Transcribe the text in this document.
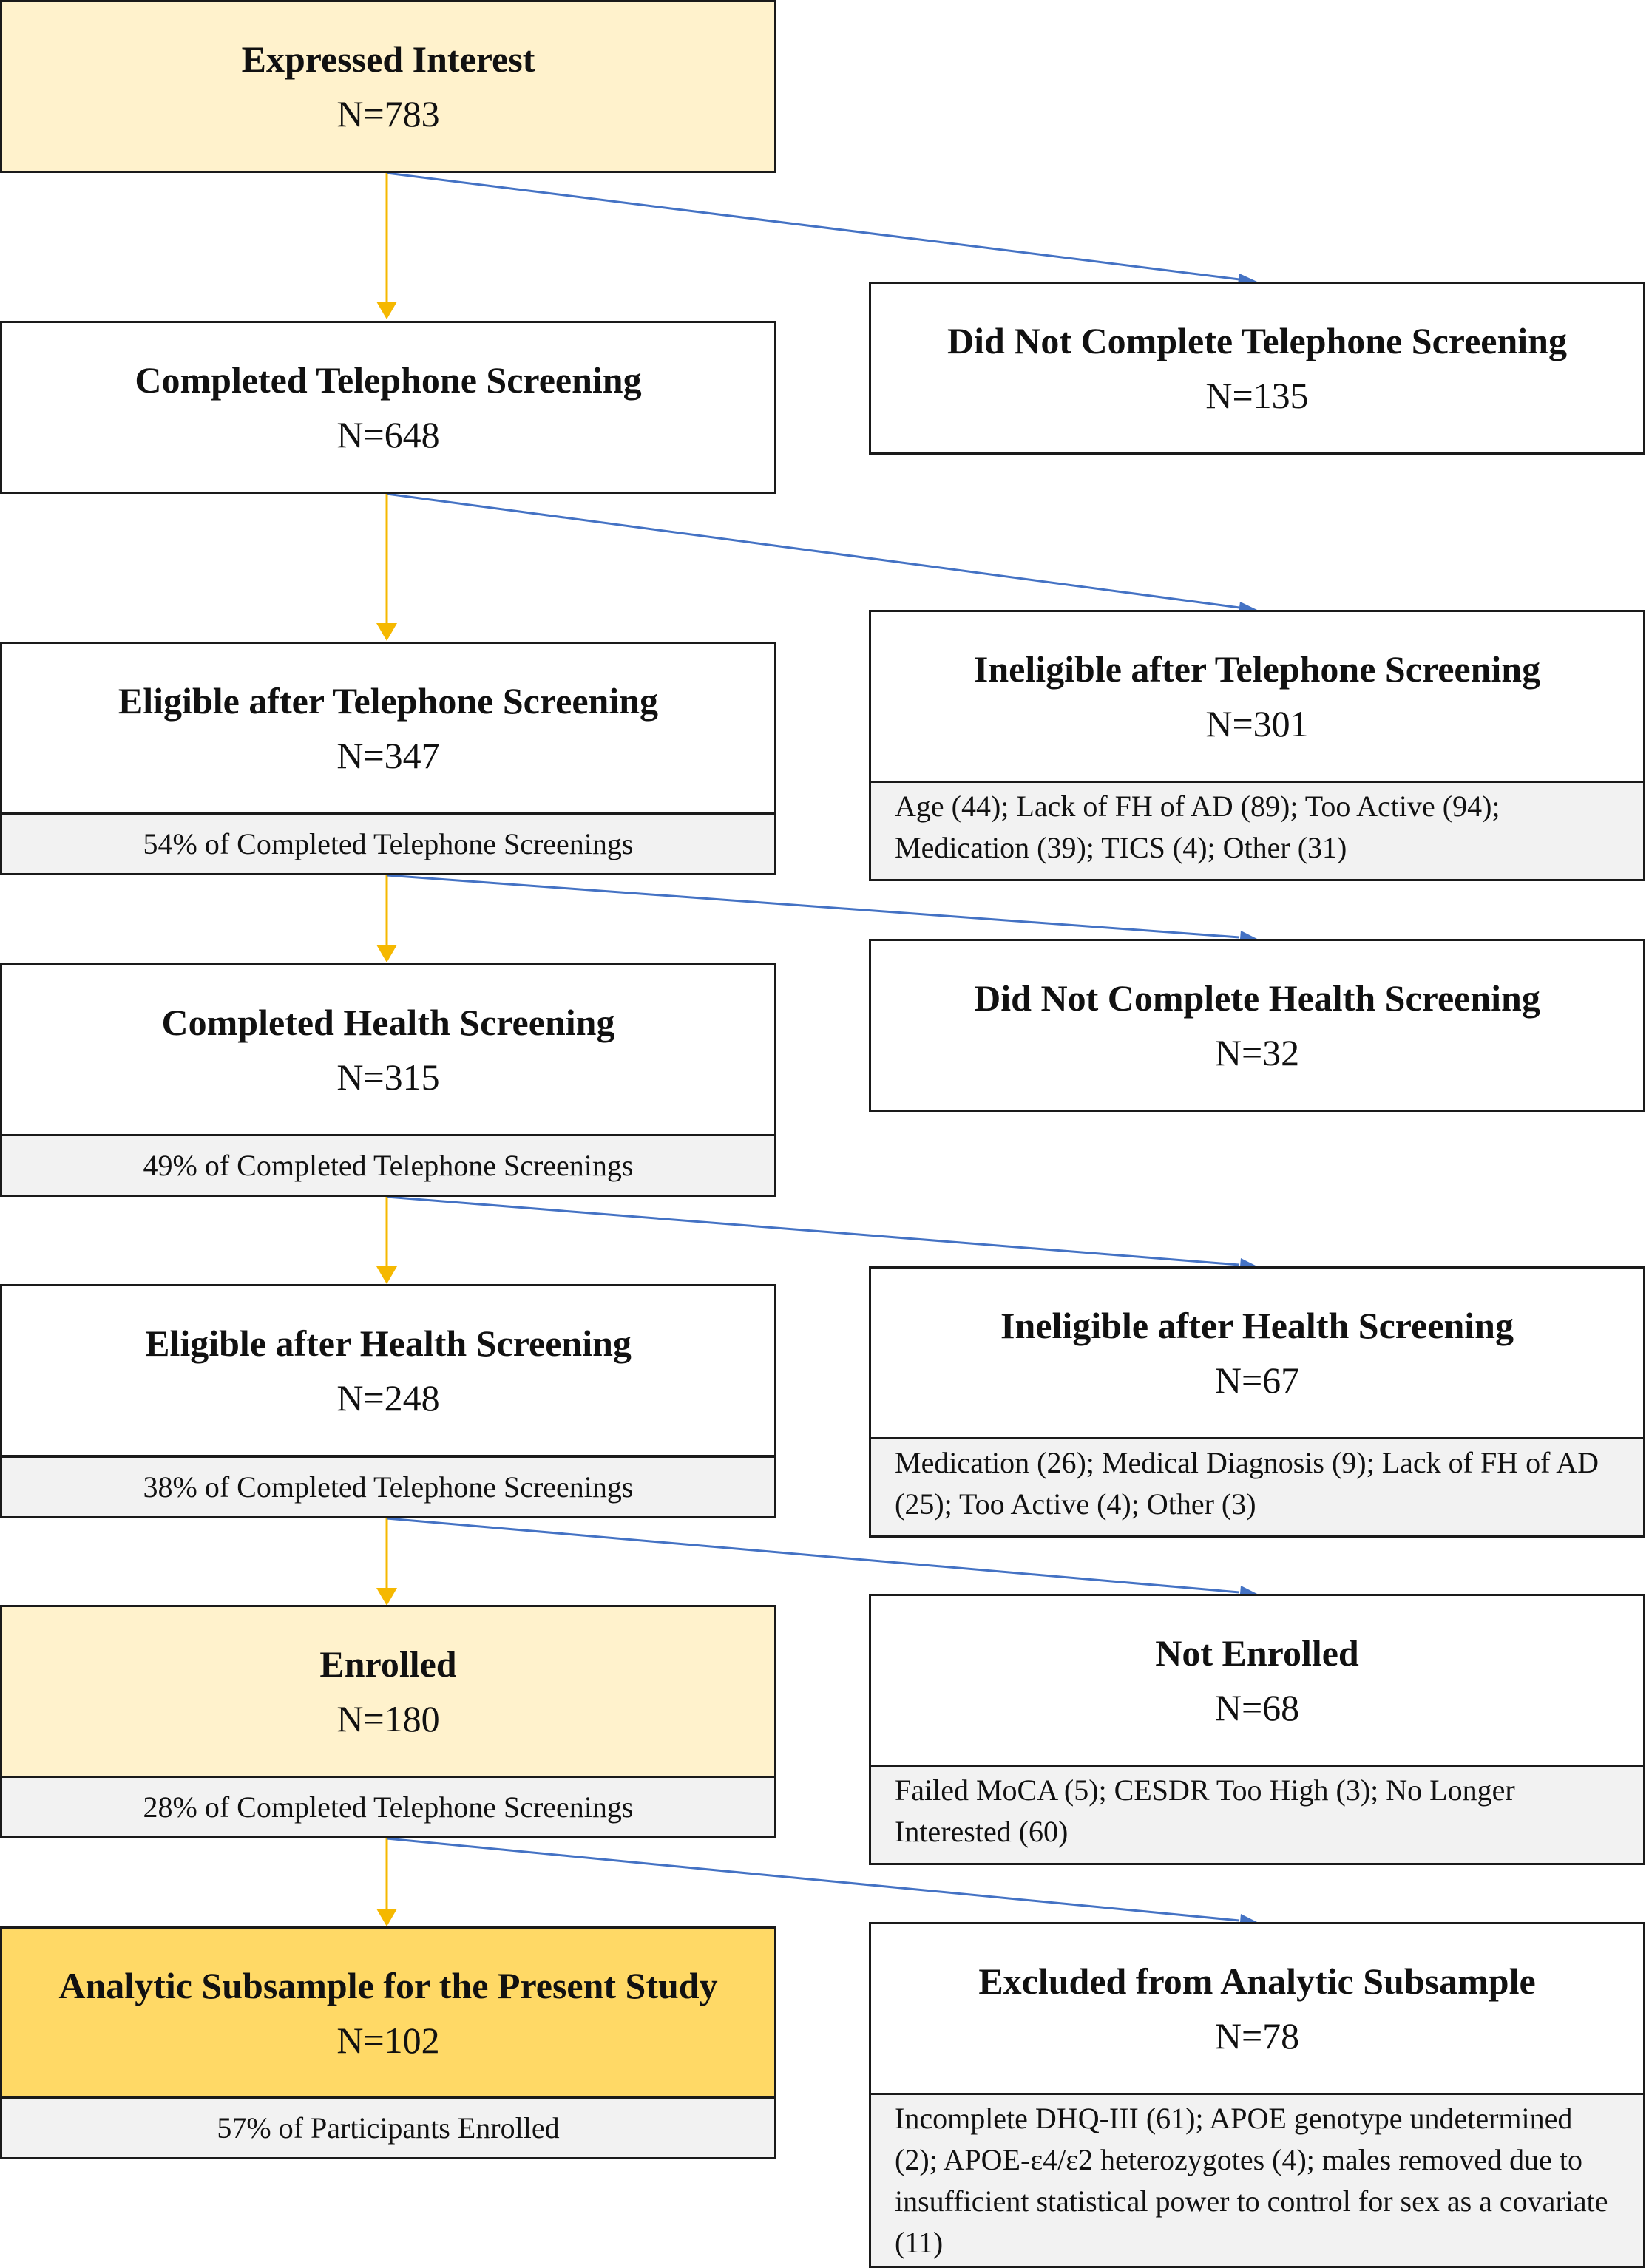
Expressed Interest
N=783
Completed Telephone Screening
N=648
Eligible after Telephone Screening
N=347
54% of Completed Telephone Screenings
Completed Health Screening
N=315
49% of Completed Telephone Screenings
Eligible after Health Screening
N=248
38% of Completed Telephone Screenings
Enrolled
N=180
28% of Completed Telephone Screenings
Analytic Subsample for the Present Study
N=102
57% of Participants Enrolled
Did Not Complete Telephone Screening
N=135
Ineligible after Telephone Screening
N=301
Age (44); Lack of FH of AD (89); Too Active (94); Medication (39); TICS (4); Other (31)
Did Not Complete Health Screening
N=32
Ineligible after Health Screening
N=67
Medication (26); Medical Diagnosis (9); Lack of FH of AD (25); Too Active (4); Other (3)
Not Enrolled
N=68
Failed MoCA (5); CESDR Too High (3); No Longer Interested (60)
Excluded from Analytic Subsample
N=78
Incomplete DHQ-III (61); APOE genotype undetermined (2); APOE-ε4/ε2 heterozygotes (4); males removed due to insufficient statistical power to control for sex as a covariate (11)
